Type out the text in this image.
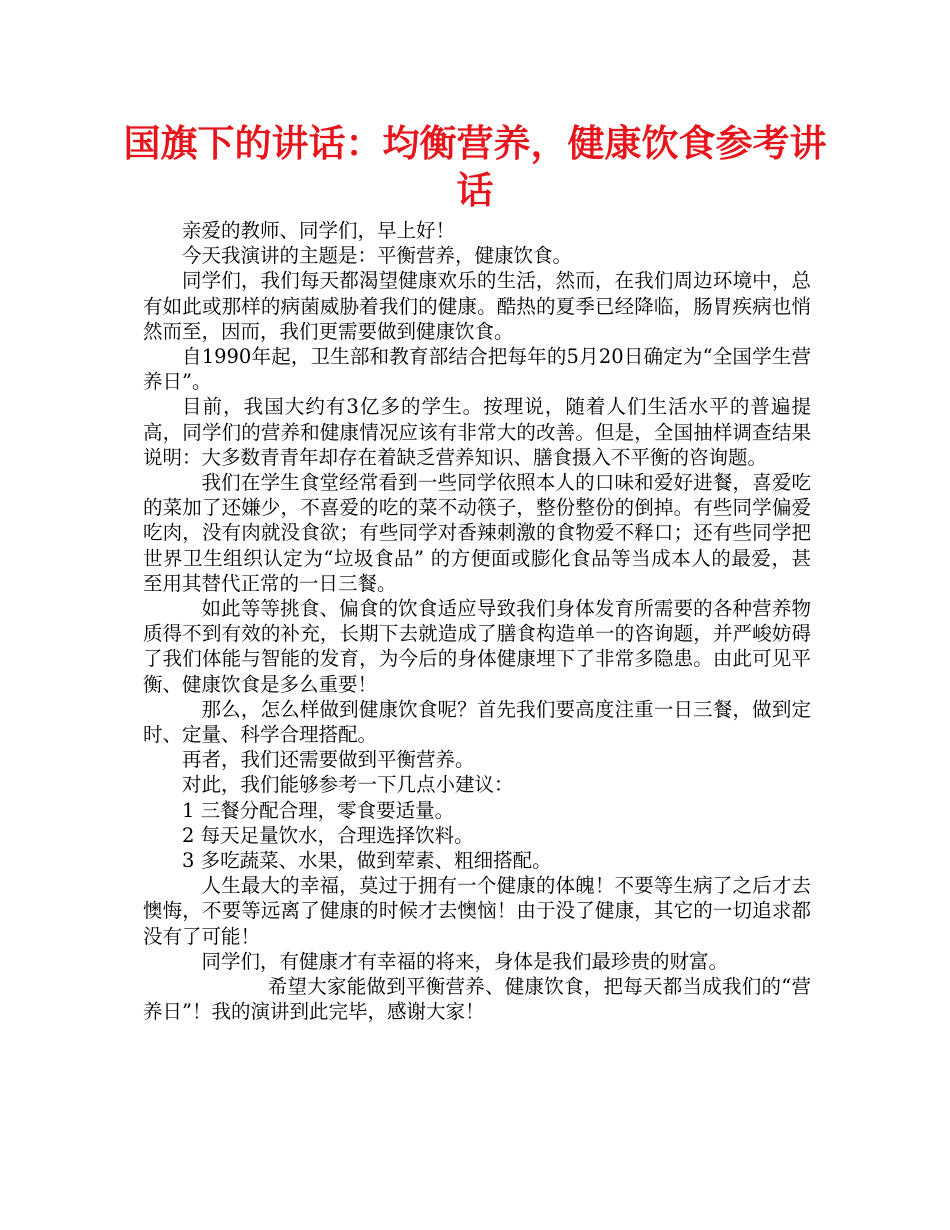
国旗下的讲话：均衡营养，健康饮食参考讲话

亲爱的教师、同学们，早上好！

今天我演讲的主题是：平衡营养，健康饮食。

同学们，我们每天都渴望健康欢乐的生活，然而，在我们周边环境中，总有如此或那样的病菌威胁着我们的健康。酷热的夏季已经降临，肠胃疾病也悄然而至，因而，我们更需要做到健康饮食。

自1990年起，卫生部和教育部结合把每年的5月20日确定为“全国学生营养日”。

目前，我国大约有3亿多的学生。按理说，随着人们生活水平的普遍提高，同学们的营养和健康情况应该有非常大的改善。但是，全国抽样调查结果说明：大多数青青年却存在着缺乏营养知识、膳食摄入不平衡的咨询题。

我们在学生食堂经常看到一些同学依照本人的口味和爱好进餐，喜爱吃的菜加了还嫌少，不喜爱的吃的菜不动筷子，整份整份的倒掉。有些同学偏爱吃肉，没有肉就没食欲；有些同学对香辣刺激的食物爱不释口；还有些同学把世界卫生组织认定为“垃圾食品” 的方便面或膨化食品等当成本人的最爱，甚至用其替代正常的一日三餐。

如此等等挑食、偏食的饮食适应导致我们身体发育所需要的各种营养物质得不到有效的补充，长期下去就造成了膳食构造单一的咨询题，并严峻妨碍了我们体能与智能的发育，为今后的身体健康埋下了非常多隐患。由此可见平衡、健康饮食是多么重要！

那么，怎么样做到健康饮食呢？首先我们要高度注重一日三餐，做到定时、定量、科学合理搭配。

再者，我们还需要做到平衡营养。

对此，我们能够参考一下几点小建议：

1 三餐分配合理，零食要适量。

2 每天足量饮水，合理选择饮料。

3 多吃蔬菜、水果，做到荤素、粗细搭配。

人生最大的幸福，莫过于拥有一个健康的体魄！不要等生病了之后才去懊悔，不要等远离了健康的时候才去懊恼！由于没了健康，其它的一切追求都没有了可能！

同学们，有健康才有幸福的将来，身体是我们最珍贵的财富。

希望大家能做到平衡营养、健康饮食，把每天都当成我们的“营养日”！我的演讲到此完毕，感谢大家！
